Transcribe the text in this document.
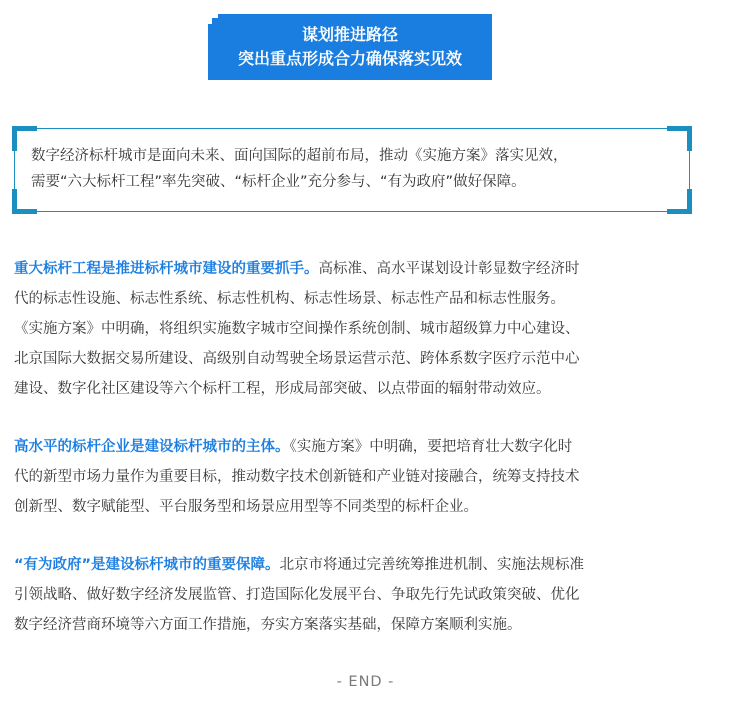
谋划推进路径
突出重点形成合力确保落实见效

数字经济标杆城市是面向未来、面向国际的超前布局，推动《实施方案》落实见效，
需要“六大标杆工程”率先突破、“标杆企业”充分参与、“有为政府”做好保障。

重大标杆工程是推进标杆城市建设的重要抓手。高标准、高水平谋划设计彰显数字经济时
代的标志性设施、标志性系统、标志性机构、标志性场景、标志性产品和标志性服务。
《实施方案》中明确，将组织实施数字城市空间操作系统创制、城市超级算力中心建设、
北京国际大数据交易所建设、高级别自动驾驶全场景运营示范、跨体系数字医疗示范中心
建设、数字化社区建设等六个标杆工程，形成局部突破、以点带面的辐射带动效应。

高水平的标杆企业是建设标杆城市的主体。《实施方案》中明确，要把培育壮大数字化时
代的新型市场力量作为重要目标，推动数字技术创新链和产业链对接融合，统筹支持技术
创新型、数字赋能型、平台服务型和场景应用型等不同类型的标杆企业。

“有为政府”是建设标杆城市的重要保障。北京市将通过完善统筹推进机制、实施法规标准
引领战略、做好数字经济发展监管、打造国际化发展平台、争取先行先试政策突破、优化
数字经济营商环境等六方面工作措施，夯实方案落实基础，保障方案顺利实施。

- END -
